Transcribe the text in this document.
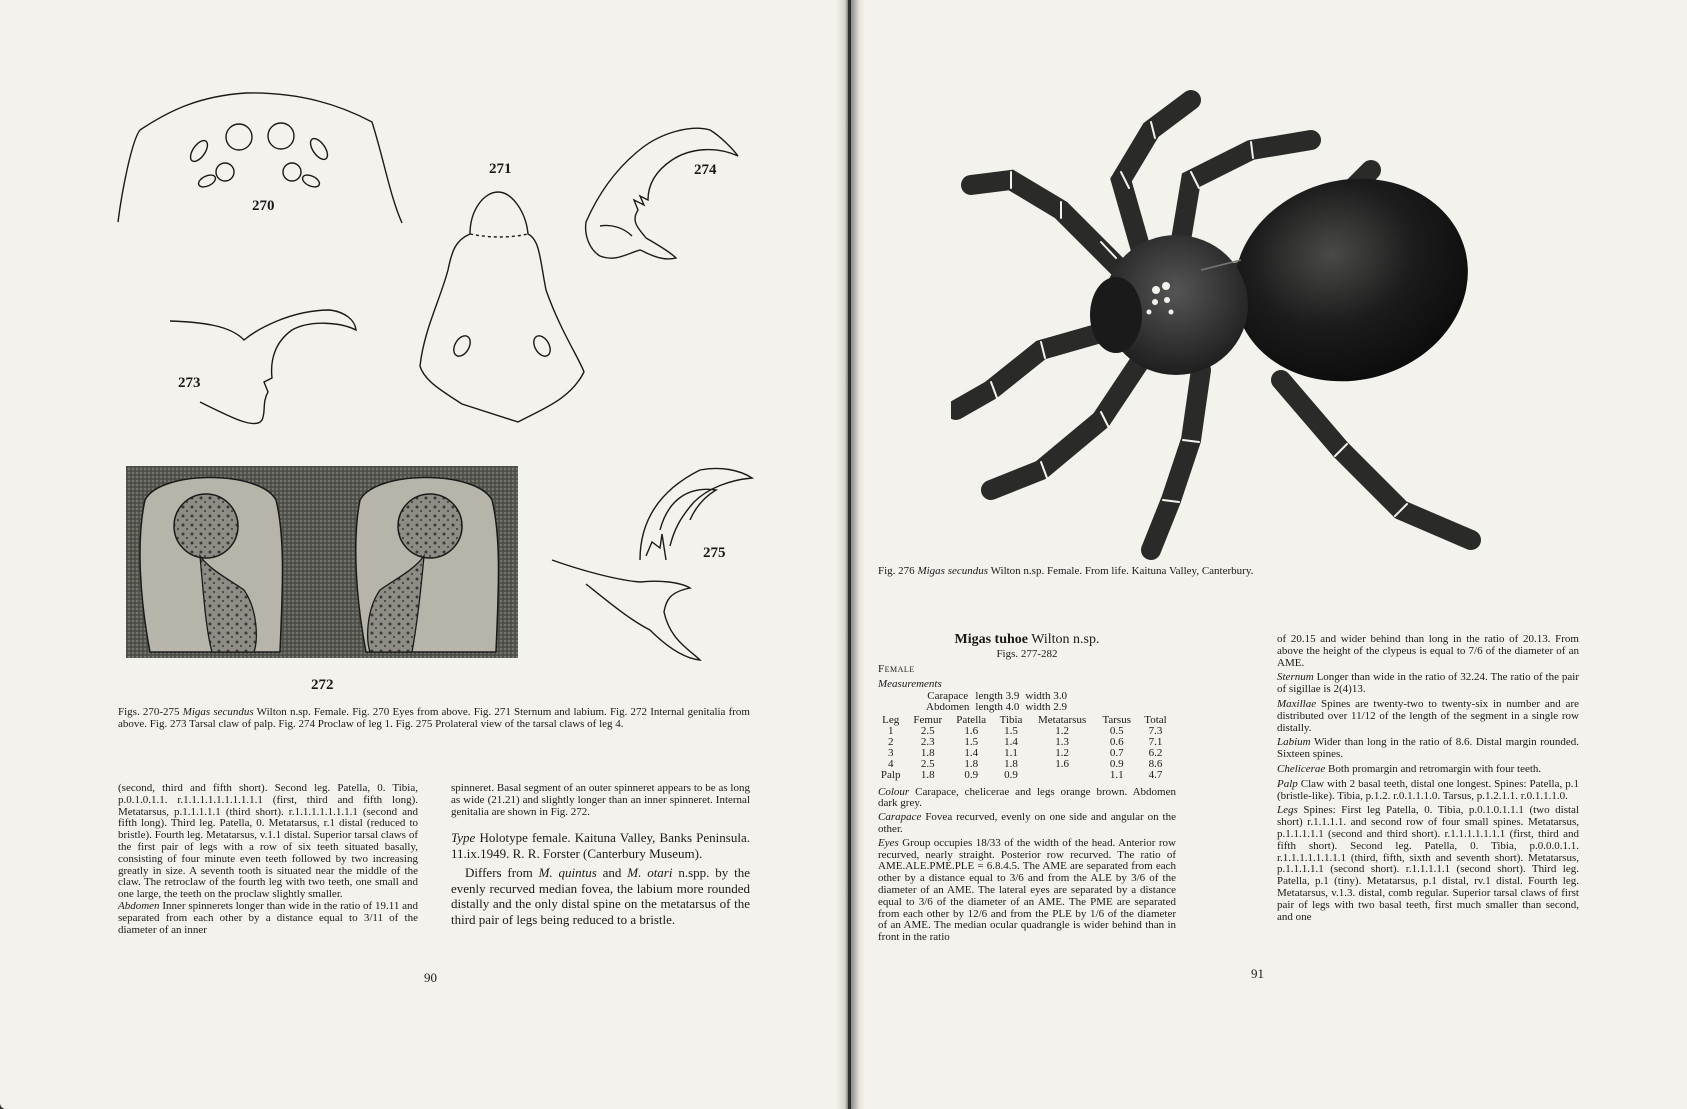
270
271
272
273
274
275
Figs. 270-275 Migas secundus Wilton n.sp. Female. Fig. 270 Eyes from above. Fig. 271 Sternum and labium. Fig. 272 Internal genitalia from above. Fig. 273 Tarsal claw of palp. Fig. 274 Proclaw of leg 1. Fig. 275 Prolateral view of the tarsal claws of leg 4.

(second, third and fifth short). Second leg. Patella, 0. Tibia, p.0.1.0.1.1. r.1.1.1.1.1.1.1.1.1.1 (first, third and fifth long). Metatarsus, p.1.1.1.1.1 (third short). r.1.1.1.1.1.1.1.1 (second and fifth long). Third leg. Patella, 0. Metatarsus, r.1 distal (reduced to bristle). Fourth leg. Metatarsus, v.1.1 distal. Superior tarsal claws of the first pair of legs with a row of six teeth situated basally, consisting of four minute even teeth followed by two increasing greatly in size. A seventh tooth is situated near the middle of the claw. The retroclaw of the fourth leg with two teeth, one small and one large, the teeth on the proclaw slightly smaller.

Abdomen Inner spinnerets longer than wide in the ratio of 19.11 and separated from each other by a distance equal to 3/11 of the diameter of an inner

spinneret. Basal segment of an outer spinneret appears to be as long as wide (21.21) and slightly longer than an inner spinneret. Internal genitalia are shown in Fig. 272.

Type Holotype female. Kaituna Valley, Banks Peninsula. 11.ix.1949. R. R. Forster (Canterbury Museum).

Differs from M. quintus and M. otari n.spp. by the evenly recurved median fovea, the labium more rounded distally and the only distal spine on the metatarsus of the third pair of legs being reduced to a bristle.

90
Fig. 276 Migas secundus Wilton n.sp. Female. From life. Kaituna Valley, Canterbury.
Migas tuhoe Wilton n.sp.
Figs. 277-282

Female

Measurements

Carapace	length 3.9	width 3.0
Abdomen	length 4.0	width 2.9
Leg	Femur	Patella	Tibia	Metatarsus	Tarsus	Total
1	2.5	1.6	1.5	1.2	0.5	7.3
2	2.3	1.5	1.4	1.3	0.6	7.1
3	1.8	1.4	1.1	1.2	0.7	6.2
4	2.5	1.8	1.8	1.6	0.9	8.6
Palp	1.8	0.9	0.9		1.1	4.7

Colour Carapace, chelicerae and legs orange brown. Abdomen dark grey.

Carapace Fovea recurved, evenly on one side and angular on the other.

Eyes Group occupies 18/33 of the width of the head. Anterior row recurved, nearly straight. Posterior row recurved. The ratio of AME.ALE.PME.PLE = 6.8.4.5. The AME are separated from each other by a distance equal to 3/6 and from the ALE by 3/6 of the diameter of an AME. The lateral eyes are separated by a distance equal to 3/6 of the diameter of an AME. The PME are separated from each other by 12/6 and from the PLE by 1/6 of the diameter of an AME. The median ocular quadrangle is wider behind than in front in the ratio

of 20.15 and wider behind than long in the ratio of 20.13. From above the height of the clypeus is equal to 7/6 of the diameter of an AME.

Sternum Longer than wide in the ratio of 32.24. The ratio of the pair of sigillae is 2(4)13.

Maxillae Spines are twenty-two to twenty-six in number and are distributed over 11/12 of the length of the segment in a single row distally.

Labium Wider than long in the ratio of 8.6. Distal margin rounded. Sixteen spines.

Chelicerae Both promargin and retromargin with four teeth.

Palp Claw with 2 basal teeth, distal one longest. Spines: Patella, p.1 (bristle-like). Tibia, p.1.2. r.0.1.1.1.0. Tarsus, p.1.2.1.1. r.0.1.1.1.0.

Legs Spines: First leg Patella, 0. Tibia, p.0.1.0.1.1.1 (two distal short) r.1.1.1.1. and second row of four small spines. Metatarsus, p.1.1.1.1.1 (second and third short). r.1.1.1.1.1.1.1 (first, third and fifth short). Second leg. Patella, 0. Tibia, p.0.0.0.1.1. r.1.1.1.1.1.1.1.1 (third, fifth, sixth and seventh short). Metatarsus, p.1.1.1.1.1 (second short). r.1.1.1.1.1 (second short). Third leg. Patella, p.1 (tiny). Metatarsus, p.1 distal, rv.1 distal. Fourth leg. Metatarsus, v.1.3. distal, comb regular. Superior tarsal claws of first pair of legs with two basal teeth, first much smaller than second, and one

91
